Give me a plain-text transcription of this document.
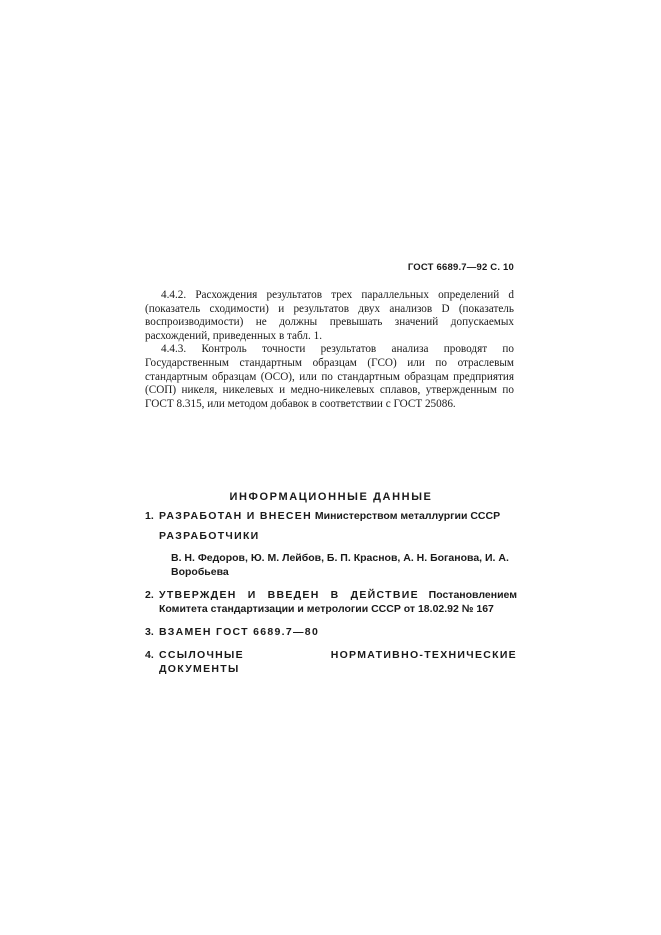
ГОСТ 6689.7—92 С. 10

4.4.2. Расхождения результатов трех параллельных определений d (показатель сходимости) и результатов двух анализов D (показатель воспроизводимости) не должны превышать значений допускаемых расхождений, приведенных в табл. 1.

4.4.3. Контроль точности результатов анализа проводят по Государственным стандартным образцам (ГСО) или по отраслевым стандартным образцам (ОСО), или по стандартным образцам предприятия (СОП) никеля, никелевых и медно-никелевых сплавов, утвержденным по ГОСТ 8.315, или методом добавок в соответствии с ГОСТ 25086.

ИНФОРМАЦИОННЫЕ ДАННЫЕ
1. РАЗРАБОТАН И ВНЕСЕН Министерством металлургии СССР
РАЗРАБОТЧИКИ
В. Н. Федоров, Ю. М. Лейбов, Б. П. Краснов, А. Н. Боганова, И. А. Воробьева
2. УТВЕРЖДЕН И ВВЕДЕН В ДЕЙСТВИЕ Постановлением Комитета стандартизации и метрологии СССР от 18.02.92 № 167
3. ВЗАМЕН ГОСТ 6689.7—80
4. ССЫЛОЧНЫЕ НОРМАТИВНО-ТЕХНИЧЕСКИЕ ДОКУМЕНТЫ
